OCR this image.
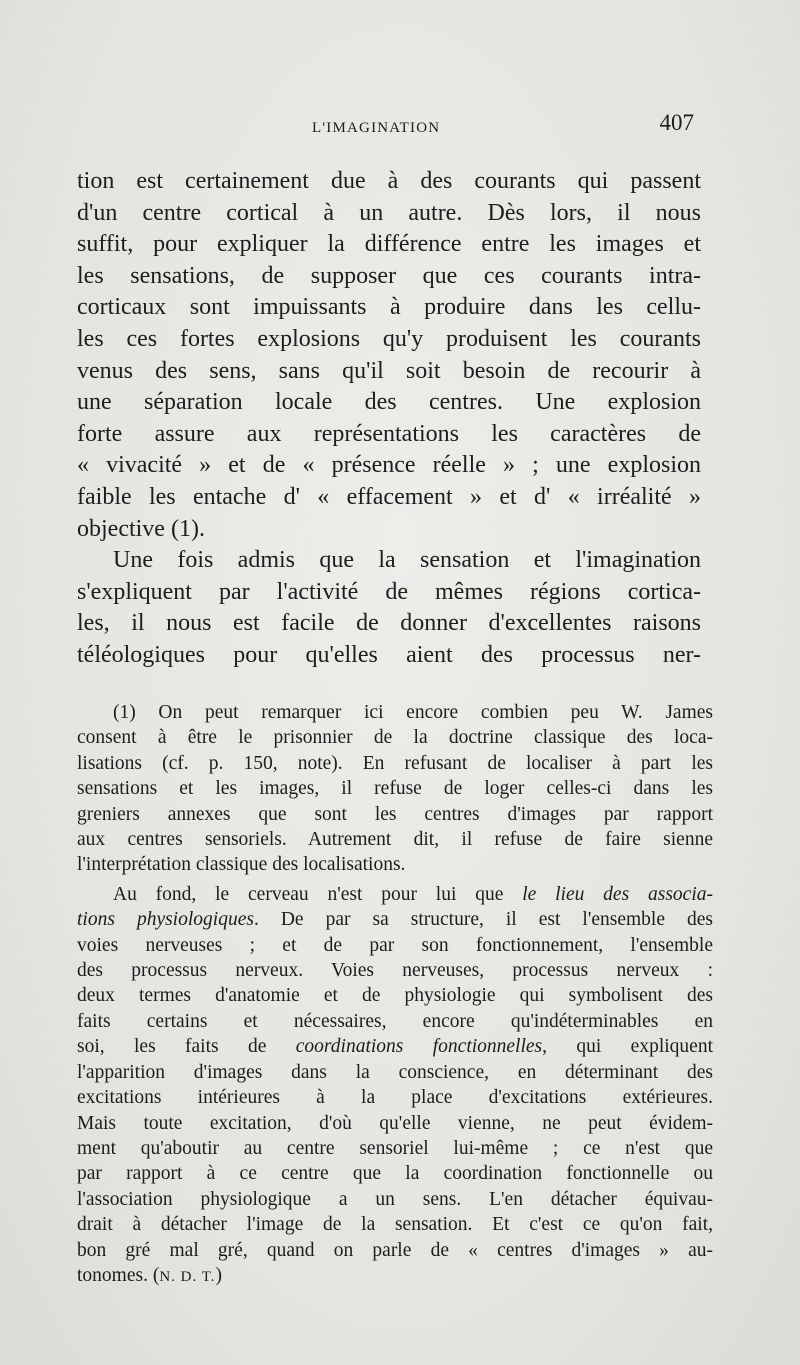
L'IMAGINATION	407

tion est certainement due à des courants qui passent
d'un centre cortical à un autre. Dès lors, il nous
suffit, pour expliquer la différence entre les images et
les sensations, de supposer que ces courants intra-
corticaux sont impuissants à produire dans les cellu-
les ces fortes explosions qu'y produisent les courants
venus des sens, sans qu'il soit besoin de recourir à
une séparation locale des centres. Une explosion
forte assure aux représentations les caractères de
« vivacité » et de « présence réelle » ; une explosion
faible les entache d' « effacement » et d' « irréalité »
objective (1).

Une fois admis que la sensation et l'imagination
s'expliquent par l'activité de mêmes régions cortica-
les, il nous est facile de donner d'excellentes raisons
téléologiques pour qu'elles aient des processus ner-

(1) On peut remarquer ici encore combien peu W. James
consent à être le prisonnier de la doctrine classique des loca-
lisations (cf. p. 150, note). En refusant de localiser à part les
sensations et les images, il refuse de loger celles-ci dans les
greniers annexes que sont les centres d'images par rapport
aux centres sensoriels. Autrement dit, il refuse de faire sienne
l'interprétation classique des localisations.

Au fond, le cerveau n'est pour lui que le lieu des associa-
tions physiologiques. De par sa structure, il est l'ensemble des
voies nerveuses ; et de par son fonctionnement, l'ensemble
des processus nerveux. Voies nerveuses, processus nerveux :
deux termes d'anatomie et de physiologie qui symbolisent des
faits certains et nécessaires, encore qu'indéterminables en
soi, les faits de coordinations fonctionnelles, qui expliquent
l'apparition d'images dans la conscience, en déterminant des
excitations intérieures à la place d'excitations extérieures.
Mais toute excitation, d'où qu'elle vienne, ne peut évidem-
ment qu'aboutir au centre sensoriel lui-même ; ce n'est que
par rapport à ce centre que la coordination fonctionnelle ou
l'association physiologique a un sens. L'en détacher équivau-
drait à détacher l'image de la sensation. Et c'est ce qu'on fait,
bon gré mal gré, quand on parle de « centres d'images » au-
tonomes. (N. D. T.)
